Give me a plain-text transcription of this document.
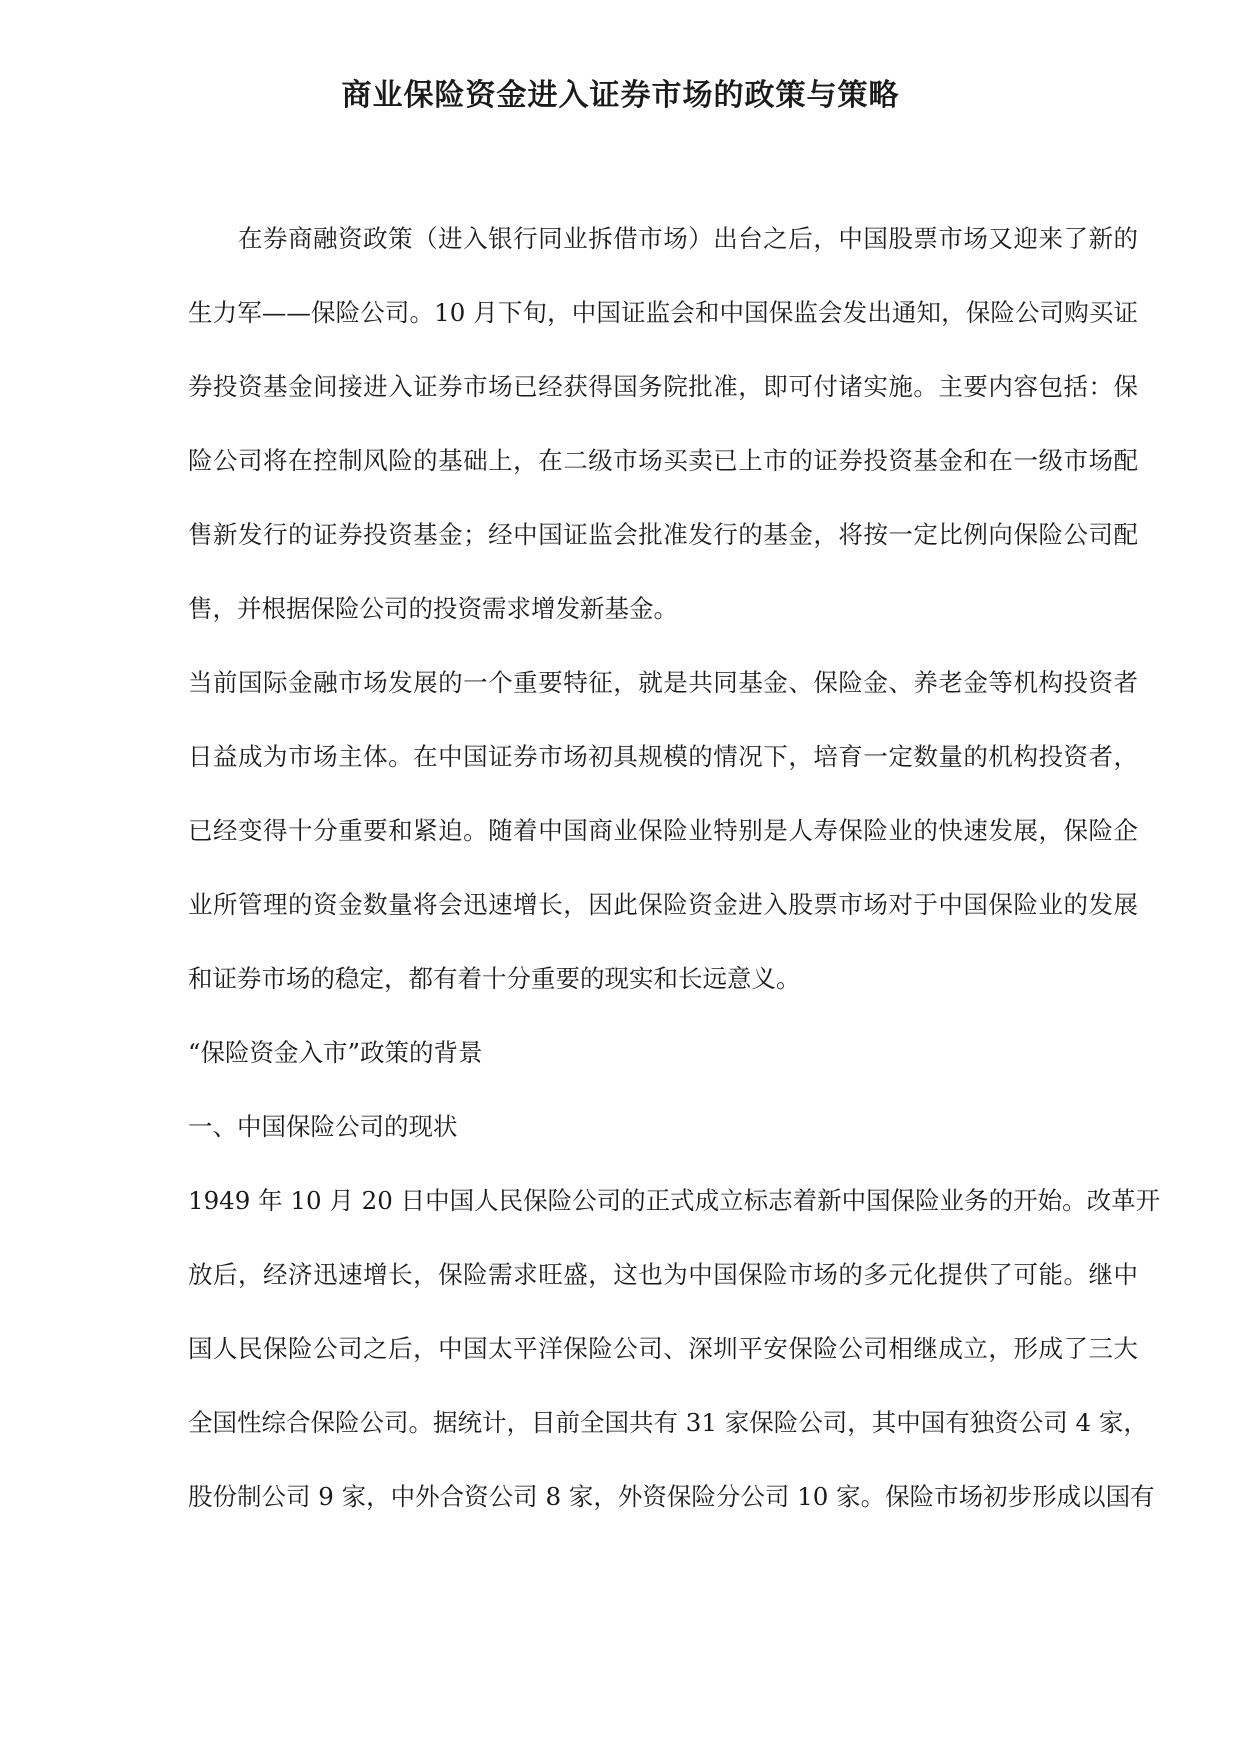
商业保险资金进入证券市场的政策与策略

在券商融资政策（进入银行同业拆借市场）出台之后，中国股票市场又迎来了新的

生力军——保险公司。10 月下旬，中国证监会和中国保监会发出通知，保险公司购买证

券投资基金间接进入证券市场已经获得国务院批准，即可付诸实施。主要内容包括：保

险公司将在控制风险的基础上，在二级市场买卖已上市的证券投资基金和在一级市场配

售新发行的证券投资基金；经中国证监会批准发行的基金，将按一定比例向保险公司配

售，并根据保险公司的投资需求增发新基金。

当前国际金融市场发展的一个重要特征，就是共同基金、保险金、养老金等机构投资者

日益成为市场主体。在中国证券市场初具规模的情况下，培育一定数量的机构投资者，

已经变得十分重要和紧迫。随着中国商业保险业特别是人寿保险业的快速发展，保险企

业所管理的资金数量将会迅速增长，因此保险资金进入股票市场对于中国保险业的发展

和证券市场的稳定，都有着十分重要的现实和长远意义。

“保险资金入市”政策的背景

一、中国保险公司的现状

1949 年 10 月 20 日中国人民保险公司的正式成立标志着新中国保险业务的开始。改革开

放后，经济迅速增长，保险需求旺盛，这也为中国保险市场的多元化提供了可能。继中

国人民保险公司之后，中国太平洋保险公司、深圳平安保险公司相继成立，形成了三大

全国性综合保险公司。据统计，目前全国共有 31 家保险公司，其中国有独资公司 4 家，

股份制公司 9 家，中外合资公司 8 家，外资保险分公司 10 家。保险市场初步形成以国有
